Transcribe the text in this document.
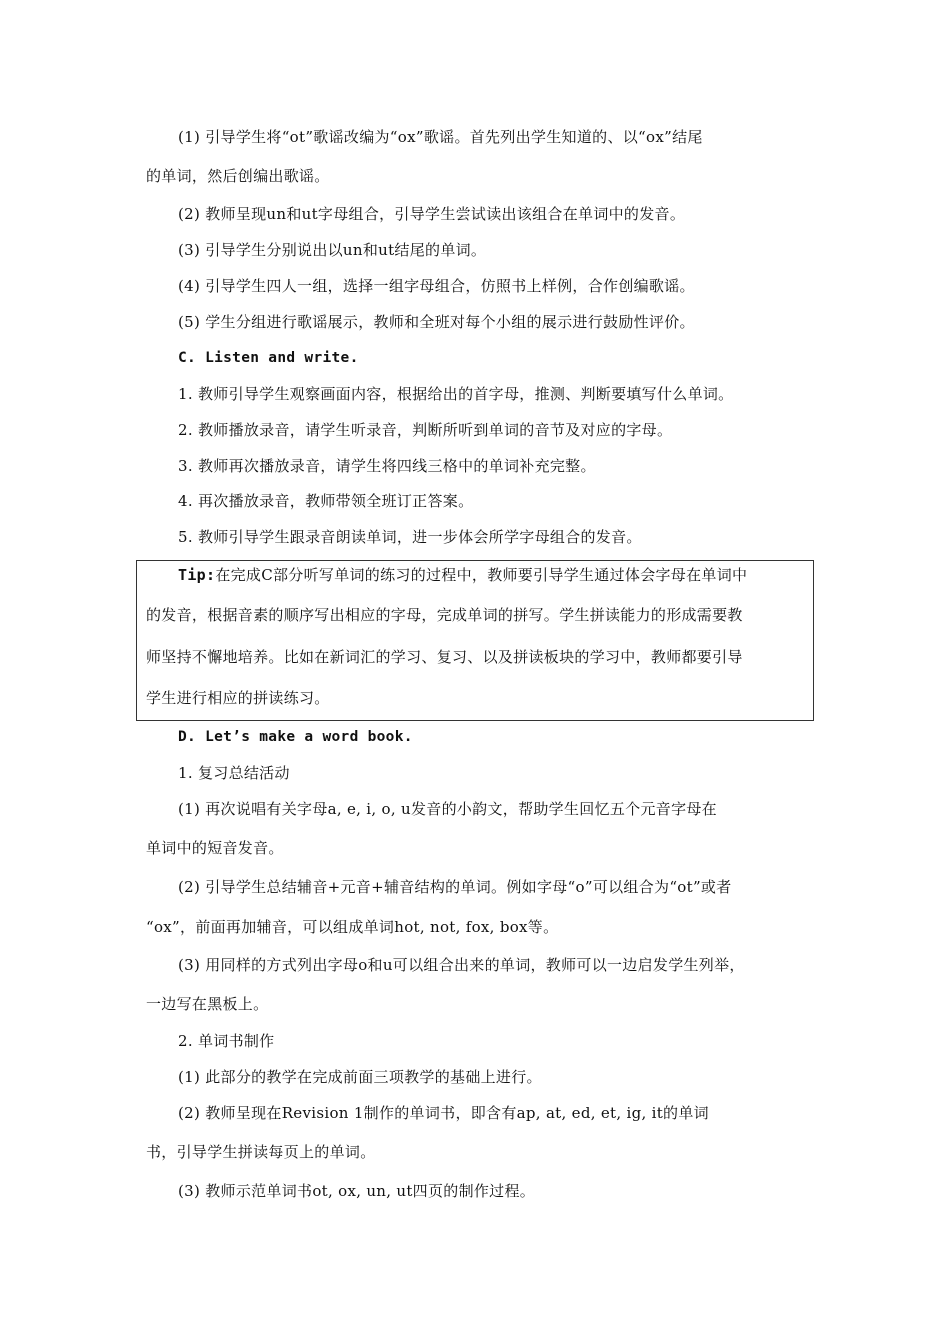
(1) 引导学生将“ot”歌谣改编为“ox”歌谣。首先列出学生知道的、以“ox”结尾
的单词，然后创编出歌谣。
(2) 教师呈现un和ut字母组合，引导学生尝试读出该组合在单词中的发音。
(3) 引导学生分别说出以un和ut结尾的单词。
(4) 引导学生四人一组，选择一组字母组合，仿照书上样例，合作创编歌谣。
(5) 学生分组进行歌谣展示，教师和全班对每个小组的展示进行鼓励性评价。
C. Listen and write.
1. 教师引导学生观察画面内容，根据给出的首字母，推测、判断要填写什么单词。
2. 教师播放录音，请学生听录音，判断所听到单词的音节及对应的字母。
3. 教师再次播放录音，请学生将四线三格中的单词补充完整。
4. 再次播放录音，教师带领全班订正答案。
5. 教师引导学生跟录音朗读单词，进一步体会所学字母组合的发音。
Tip:在完成C部分听写单词的练习的过程中，教师要引导学生通过体会字母在单词中
的发音，根据音素的顺序写出相应的字母，完成单词的拼写。学生拼读能力的形成需要教
师坚持不懈地培养。比如在新词汇的学习、复习、以及拼读板块的学习中，教师都要引导
学生进行相应的拼读练习。
D. Let’s make a word book.
1. 复习总结活动
(1) 再次说唱有关字母a, e, i, o, u发音的小韵文，帮助学生回忆五个元音字母在
单词中的短音发音。
(2) 引导学生总结辅音+元音+辅音结构的单词。例如字母“o”可以组合为“ot”或者
“ox”，前面再加辅音，可以组成单词hot, not, fox, box等。
(3) 用同样的方式列出字母o和u可以组合出来的单词，教师可以一边启发学生列举，
一边写在黑板上。
2. 单词书制作
(1) 此部分的教学在完成前面三项教学的基础上进行。
(2) 教师呈现在Revision 1制作的单词书，即含有ap, at, ed, et, ig, it的单词
书，引导学生拼读每页上的单词。
(3) 教师示范单词书ot, ox, un, ut四页的制作过程。
